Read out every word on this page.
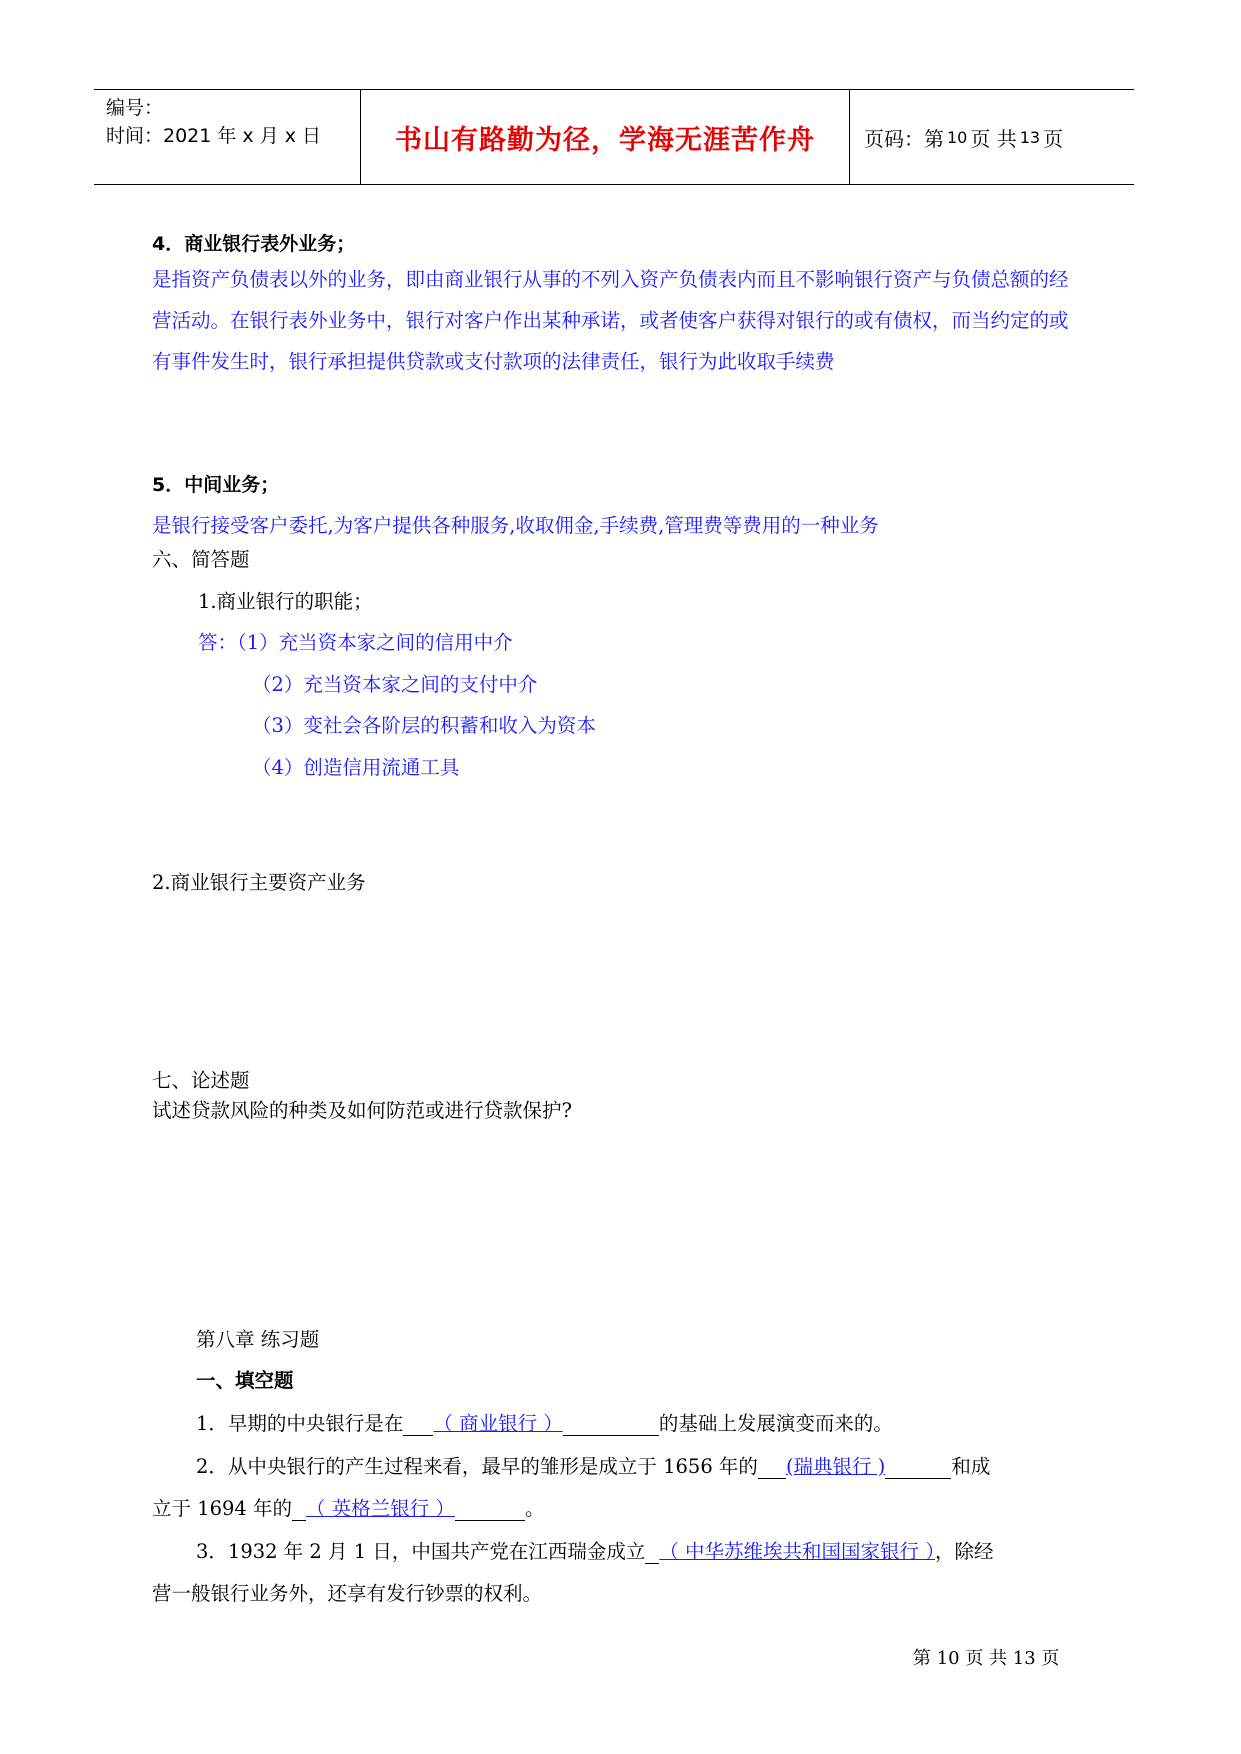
编号：
时间：2021 年 x 月 x 日	书山有路勤为径，学海无涯苦作舟	页码：第 10 页 共 13 页
4．商业银行表外业务；
是指资产负债表以外的业务，即由商业银行从事的不列入资产负债表内而且不影响银行资产与负债总额的经营活动。在银行表外业务中，银行对客户作出某种承诺，或者使客户获得对银行的或有债权，而当约定的或有事件发生时，银行承担提供贷款或支付款项的法律责任，银行为此收取手续费
5．中间业务；
是银行接受客户委托,为客户提供各种服务,收取佣金,手续费,管理费等费用的一种业务
六、简答题
1.商业银行的职能；
答：（1）充当资本家之间的信用中介
（2）充当资本家之间的支付中介
（3）变社会各阶层的积蓄和收入为资本
（4）创造信用流通工具
2.商业银行主要资产业务
七、论述题
试述贷款风险的种类及如何防范或进行贷款保护?
第八章 练习题
一、填空题
1．早期的中央银行是在 （ 商业银行 ）	的基础上发展演变而来的。
2．从中央银行的产生过程来看，最早的雏形是成立于 1656 年的 (瑞典银行 )	和成
立于 1694 年的 （ 英格兰银行 ）	。
3．1932 年 2 月 1 日，中国共产党在江西瑞金成立 （ 中华苏维埃共和国国家银行 ），除经
营一般银行业务外，还享有发行钞票的权利。
第 10 页 共 13 页
